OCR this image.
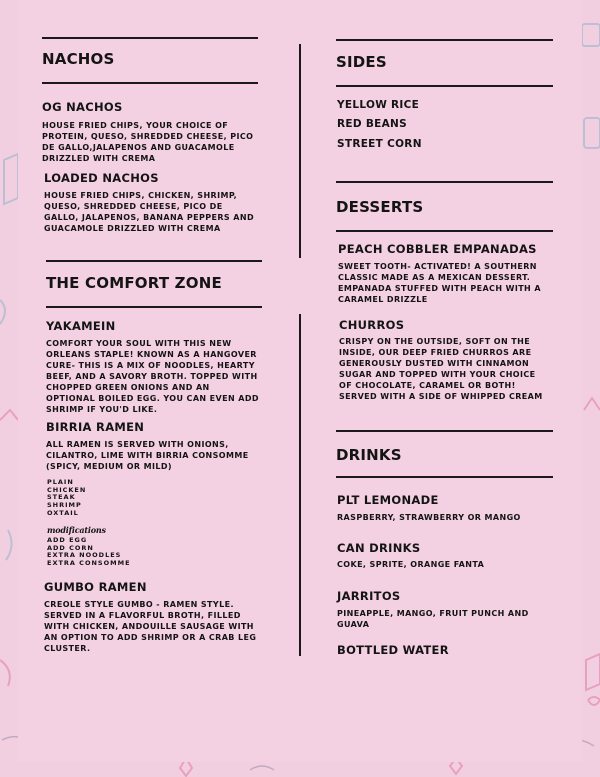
NACHOS
OG NACHOS

HOUSE FRIED CHIPS, YOUR CHOICE OF PROTEIN, QUESO, SHREDDED CHEESE, PICO DE GALLO,JALAPENOS AND GUACAMOLE DRIZZLED WITH CREMA

LOADED NACHOS

HOUSE FRIED CHIPS, CHICKEN, SHRIMP, QUESO, SHREDDED CHEESE, PICO DE GALLO, JALAPENOS, BANANA PEPPERS AND GUACAMOLE DRIZZLED WITH CREMA

THE COMFORT ZONE
YAKAMEIN

COMFORT YOUR SOUL WITH THIS NEW ORLEANS STAPLE! KNOWN AS A HANGOVER CURE- THIS IS A MIX OF NOODLES, HEARTY BEEF, AND A SAVORY BROTH. TOPPED WITH CHOPPED GREEN ONIONS AND AN OPTIONAL BOILED EGG. YOU CAN EVEN ADD SHRIMP IF YOU'D LIKE.

BIRRIA RAMEN

ALL RAMEN IS SERVED WITH ONIONS, CILANTRO, LIME WITH BIRRIA CONSOMME (SPICY, MEDIUM OR MILD)

PLAIN
CHICKEN
STEAK
SHRIMP
OXTAIL
modifications
ADD EGG
ADD CORN
EXTRA NOODLES
EXTRA CONSOMME
GUMBO RAMEN

CREOLE STYLE GUMBO - RAMEN STYLE. SERVED IN A FLAVORFUL BROTH, FILLED WITH CHICKEN, ANDOUILLE SAUSAGE WITH AN OPTION TO ADD SHRIMP OR A CRAB LEG CLUSTER.

SIDES
YELLOW RICE
RED BEANS
STREET CORN
DESSERTS
PEACH COBBLER EMPANADAS

SWEET TOOTH- ACTIVATED! A SOUTHERN CLASSIC MADE AS A MEXICAN DESSERT. EMPANADA STUFFED WITH PEACH WITH A CARAMEL DRIZZLE

CHURROS

CRISPY ON THE OUTSIDE, SOFT ON THE INSIDE, OUR DEEP FRIED CHURROS ARE GENEROUSLY DUSTED WITH CINNAMON SUGAR AND TOPPED WITH YOUR CHOICE OF CHOCOLATE, CARAMEL OR BOTH! SERVED WITH A SIDE OF WHIPPED CREAM

DRINKS
PLT LEMONADE

RASPBERRY, STRAWBERRY OR MANGO

CAN DRINKS

COKE, SPRITE, ORANGE FANTA

JARRITOS

PINEAPPLE, MANGO, FRUIT PUNCH AND GUAVA

BOTTLED WATER
